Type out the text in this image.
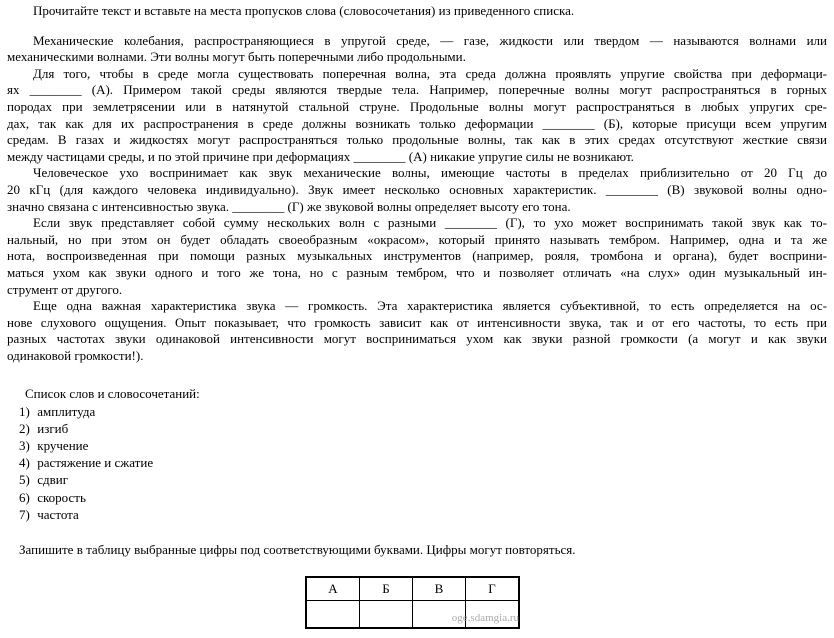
Прочитайте текст и вставьте на места пропусков слова (словосочетания) из приведенного списка.

Механические колебания, распространяющиеся в упругой среде, — газе, жидкости или твердом — называются волнами или
механическими волнами. Эти волны могут быть поперечными либо продольными.
Для того, чтобы в среде могла существовать поперечная волна, эта среда должна проявлять упругие свойства при деформаци-
ях ________ (А). Примером такой среды являются твердые тела. Например, поперечные волны могут распространяться в горных
породах при землетрясении или в натянутой стальной струне. Продольные волны могут распространяться в любых упругих сре-
дах, так как для их распространения в среде должны возникать только деформации ________ (Б), которые присущи всем упругим
средам. В газах и жидкостях могут распространяться только продольные волны, так как в этих средах отсутствуют жесткие связи
между частицами среды, и по этой причине при деформациях ________ (А) никакие упругие силы не возникают.
Человеческое ухо воспринимает как звук механические волны, имеющие частоты в пределах приблизительно от 20 Гц до
20 кГц (для каждого человека индивидуально). Звук имеет несколько основных характеристик. ________ (В) звуковой волны одно-
значно связана с интенсивностью звука. ________ (Г) же звуковой волны определяет высоту его тона.
Если звук представляет собой сумму нескольких волн с разными ________ (Г), то ухо может воспринимать такой звук как то-
нальный, но при этом он будет обладать своеобразным «окрасом», который принято называть тембром. Например, одна и та же
нота, воспроизведенная при помощи разных музыкальных инструментов (например, рояля, тромбона и органа), будет восприни-
маться ухом как звуки одного и того же тона, но с разным тембром, что и позволяет отличать «на слух» один музыкальный ин-
струмент от другого.
Еще одна важная характеристика звука — громкость. Эта характеристика является субъективной, то есть определяется на ос-
нове слухового ощущения. Опыт показывает, что громкость зависит как от интенсивности звука, так и от его частоты, то есть при
разных частотах звуки одинаковой интенсивности могут восприниматься ухом как звуки разной громкости (а могут и как звуки
одинаковой громкости!).
Список слов и словосочетаний:
1) амплитуда
2) изгиб
3) кручение
4) растяжение и сжатие
5) сдвиг
6) скорость
7) частота

Запишите в таблицу выбранные цифры под соответствующими буквами. Цифры могут повторяться.

А	Б	В	Г

oge.sdamgia.ru
